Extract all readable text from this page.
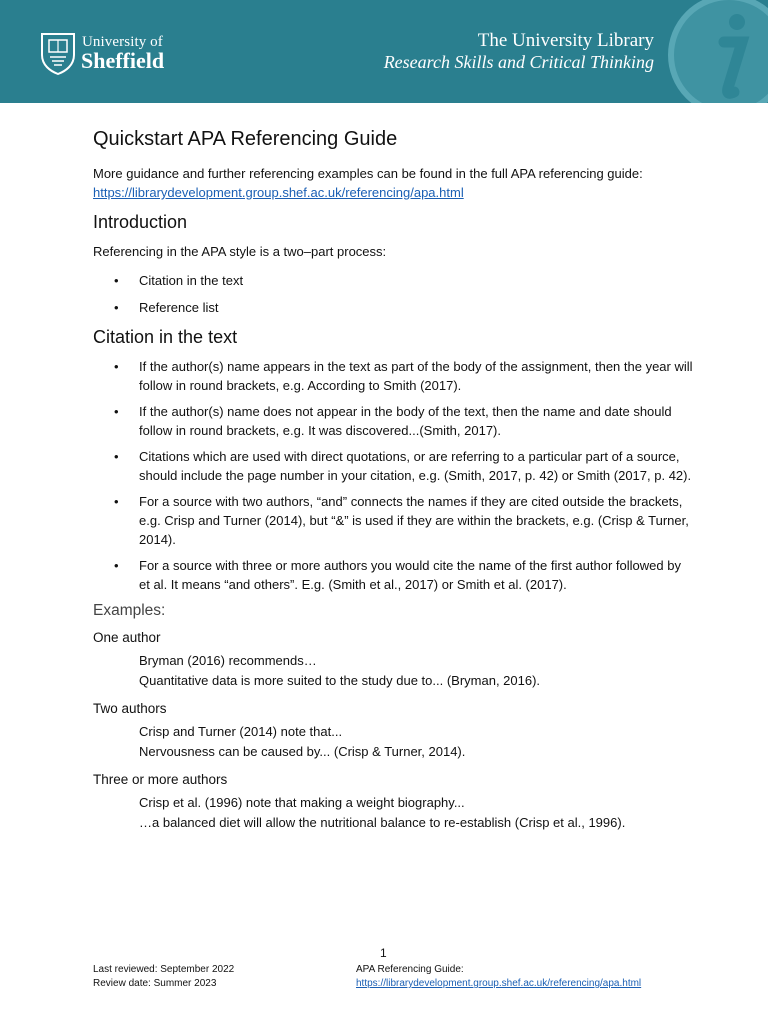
University of
Sheffield
The University Library
Research Skills and Critical Thinking
Quickstart APA Referencing Guide

More guidance and further referencing examples can be found in the full APA referencing guide: https://librarydevelopment.group.shef.ac.uk/referencing/apa.html

Introduction

Referencing in the APA style is a two–part process:

• Citation in the text
• Reference list
Citation in the text
• If the author(s) name appears in the text as part of the body of the assignment, then the year will follow in round brackets, e.g. According to Smith (2017).
• If the author(s) name does not appear in the body of the text, then the name and date should follow in round brackets, e.g. It was discovered...(Smith, 2017).
• Citations which are used with direct quotations, or are referring to a particular part of a source, should include the page number in your citation, e.g. (Smith, 2017, p. 42) or Smith (2017, p. 42).
• For a source with two authors, “and” connects the names if they are cited outside the brackets, e.g. Crisp and Turner (2014), but “&” is used if they are within the brackets, e.g. (Crisp & Turner, 2014).
• For a source with three or more authors you would cite the name of the first author followed by et al. It means “and others”. E.g. (Smith et al., 2017) or Smith et al. (2017).
Examples:
One author
Bryman (2016) recommends…
Quantitative data is more suited to the study due to... (Bryman, 2016).
Two authors
Crisp and Turner (2014) note that...
Nervousness can be caused by... (Crisp & Turner, 2014).
Three or more authors
Crisp et al. (1996) note that making a weight biography...
…a balanced diet will allow the nutritional balance to re-establish (Crisp et al., 1996).
1
Last reviewed: September 2022
Review date: Summer 2023
APA Referencing Guide:
https://librarydevelopment.group.shef.ac.uk/referencing/apa.html
